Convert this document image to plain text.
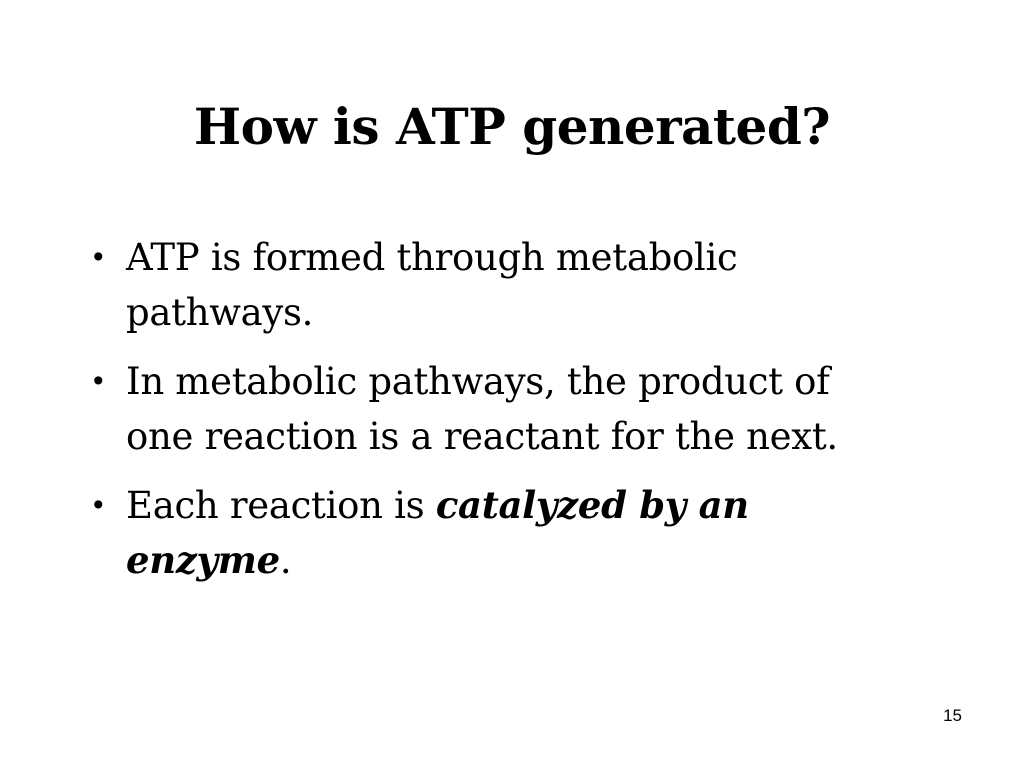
How is ATP generated?
• ATP is formed through metabolic pathways.
• In metabolic pathways, the product of one reaction is a reactant for the next.
• Each reaction is catalyzed by an enzyme.
15
